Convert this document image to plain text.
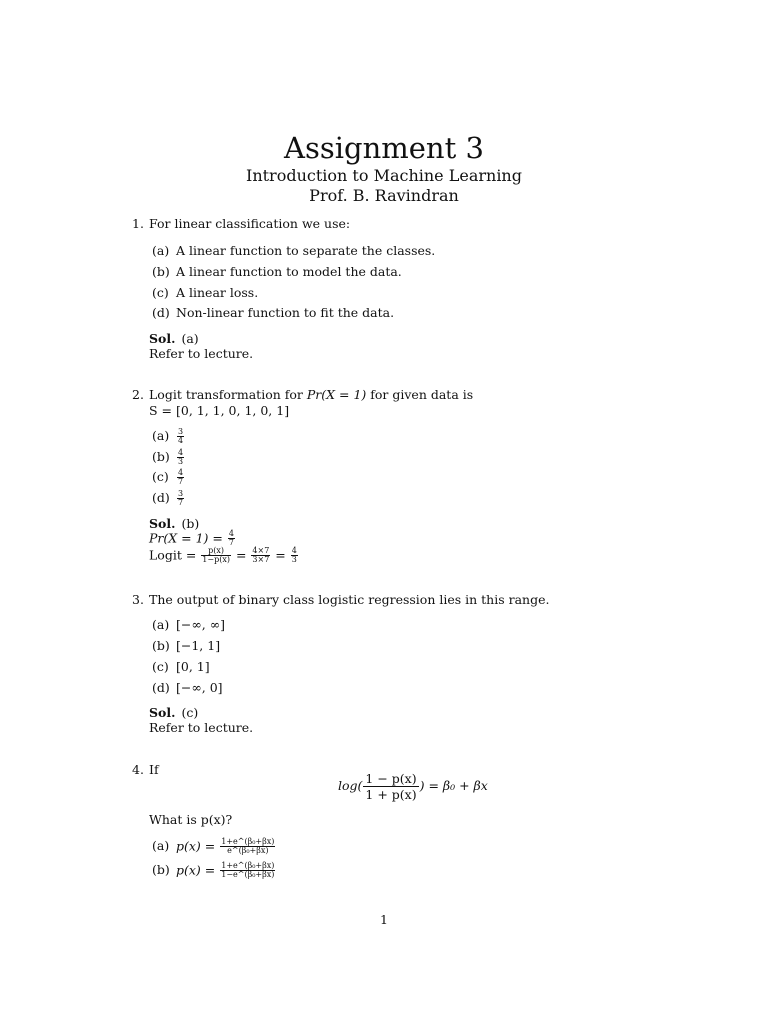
Assignment 3
Introduction to Machine Learning
Prof. B. Ravindran
1. For linear classification we use:
(a) A linear function to separate the classes.
(b) A linear function to model the data.
(c) A linear loss.
(d) Non-linear function to fit the data.
Sol. (a)
Refer to lecture.
2. Logit transformation for Pr(X = 1) for given data is
S = [0, 1, 1, 0, 1, 0, 1]
$(a) \frac{3}{4}$
$(b) \frac{4}{3}$
$(c) \frac{4}{7}$
$(d) \frac{3}{7}$
Sol. (b)
$Pr(X = 1) = \frac{4}{7}$
Logit = $\frac{p(x)}{1-p(x)} = \frac{4\times 7}{3\times 7} = \frac{4}{3}$
3. The output of binary class logistic regression lies in this range.
(a) [−∞, ∞]
(b) [−1, 1]
(c) [0, 1]
(d) [−∞, 0]
Sol. (c)
Refer to lecture.
4. If
$\log( \frac{1 - p(x)}{1 + p(x)}$ ) = β₀ + βx
What is p(x)?
(a) $p(x) = \frac{\text{1+e\textasciicircum{}(β₀+βx)}}{\text{e\textasciicircum{}(β₀+βx)}}$
(b) $p(x) = \frac{\text{1+e\textasciicircum{}(β₀+βx)}}{\text{1−e\textasciicircum{}(β₀+βx)}}$
1
